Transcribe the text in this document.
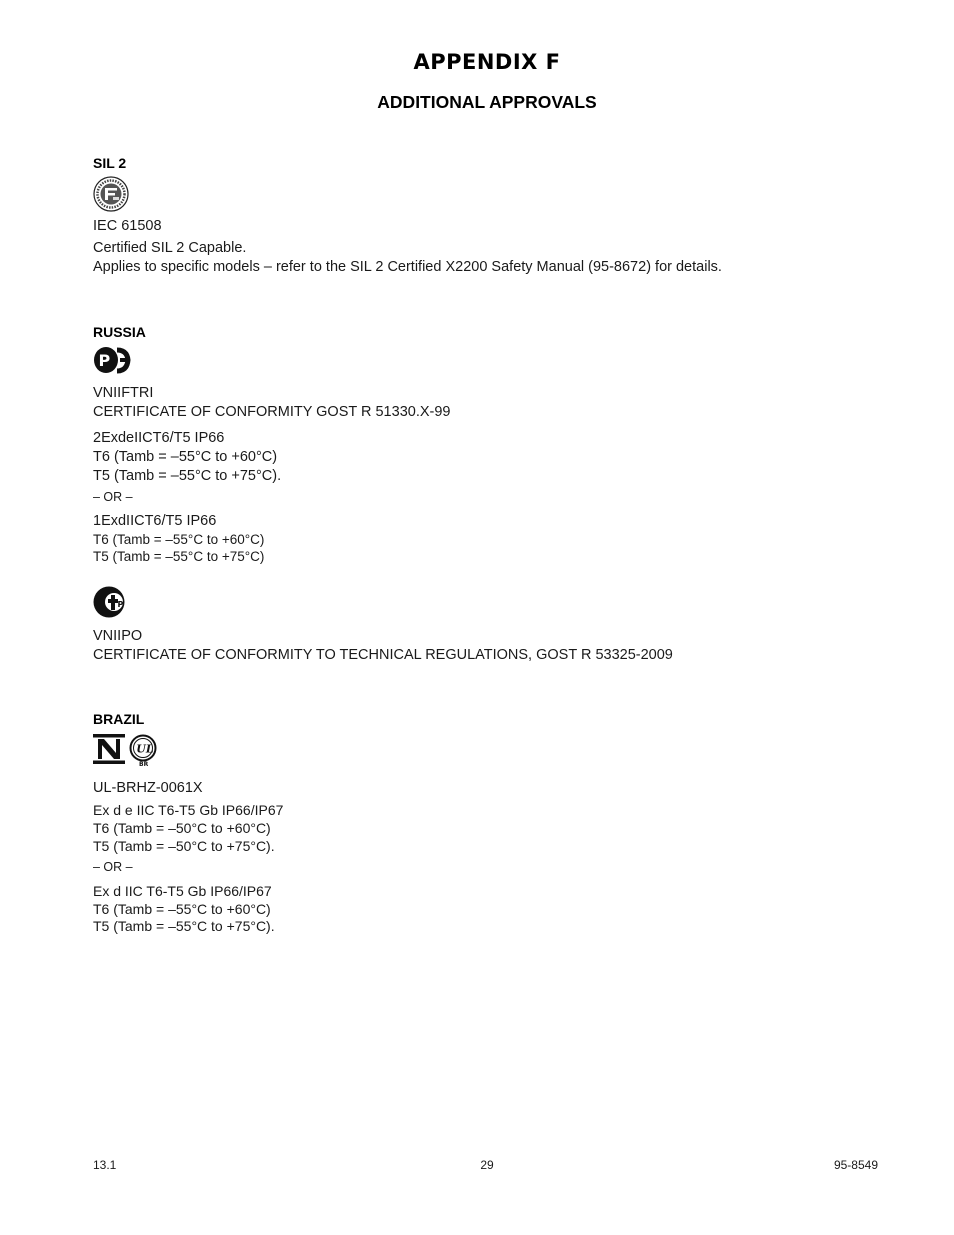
APPENDIX F
ADDITIONAL APPROVALS
SIL 2
IEC 61508
Certified SIL 2 Capable.
Applies to specific models – refer to the SIL 2 Certified X2200 Safety Manual (95-8672) for details.
RUSSIA
P
VNIIFTRI
CERTIFICATE OF CONFORMITY GOST R 51330.X-99
2ExdeIICT6/T5 IP66
T6 (Tamb = –55°C to +60°C)
T5 (Tamb = –55°C to +75°C).
– OR –
1ExdIICT6/T5 IP66
T6 (Tamb = –55°C to +60°C)
T5 (Tamb = –55°C to +75°C)
P
VNIIPO
CERTIFICATE OF CONFORMITY TO TECHNICAL REGULATIONS, GOST R 53325-2009
BRAZIL
UL
BR
UL-BRHZ-0061X
Ex d e IIC T6-T5 Gb IP66/IP67
T6 (Tamb = –50°C to +60°C)
T5 (Tamb = –50°C to +75°C).
– OR –
Ex d IIC T6-T5 Gb IP66/IP67
T6 (Tamb = –55°C to +60°C)
T5 (Tamb = –55°C to +75°C).
13.1	29	95-8549
